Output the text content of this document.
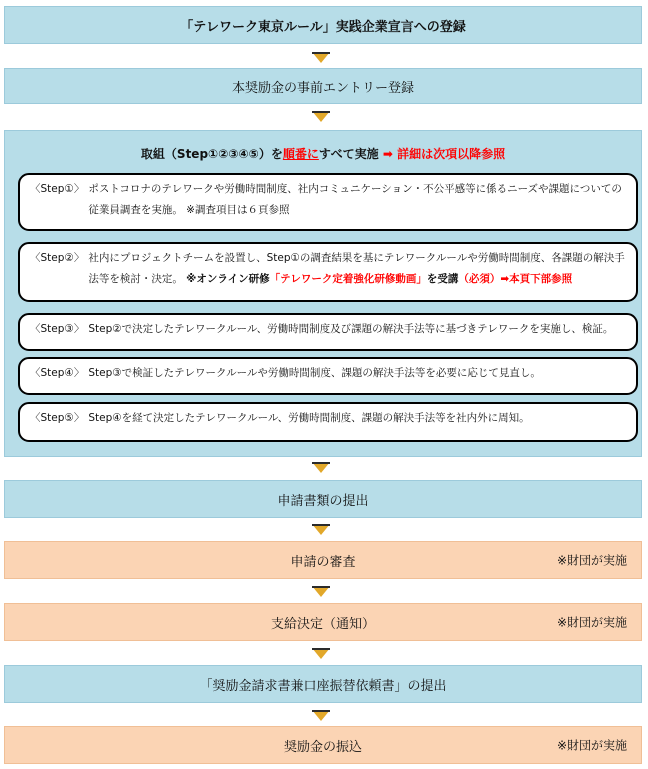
「テレワーク東京ルール」実践企業宣言への登録
本奨励金の事前エントリー登録
取組（Step①②③④⑤）を順番にすべて実施 ➡ 詳細は次項以降参照
〈Step①〉 ポストコロナのテレワークや労働時間制度、社内コミュニケーション・不公平感等に係るニーズや課題についての従業員調査を実施。 ※調査項目は６頁参照
〈Step②〉 社内にプロジェクトチームを設置し、Step①の調査結果を基にテレワークルールや労働時間制度、各課題の解決手法等を検討・決定。 ※オンライン研修「テレワーク定着強化研修動画」を受講（必須）➡本頁下部参照
〈Step③〉 Step②で決定したテレワークルール、労働時間制度及び課題の解決手法等に基づきテレワークを実施し、検証。
〈Step④〉 Step③で検証したテレワークルールや労働時間制度、課題の解決手法等を必要に応じて見直し。
〈Step⑤〉 Step④を経て決定したテレワークルール、労働時間制度、課題の解決手法等を社内外に周知。
申請書類の提出
申請の審査	※財団が実施
支給決定（通知）	※財団が実施
「奨励金請求書兼口座振替依頼書」の提出
奨励金の振込	※財団が実施
